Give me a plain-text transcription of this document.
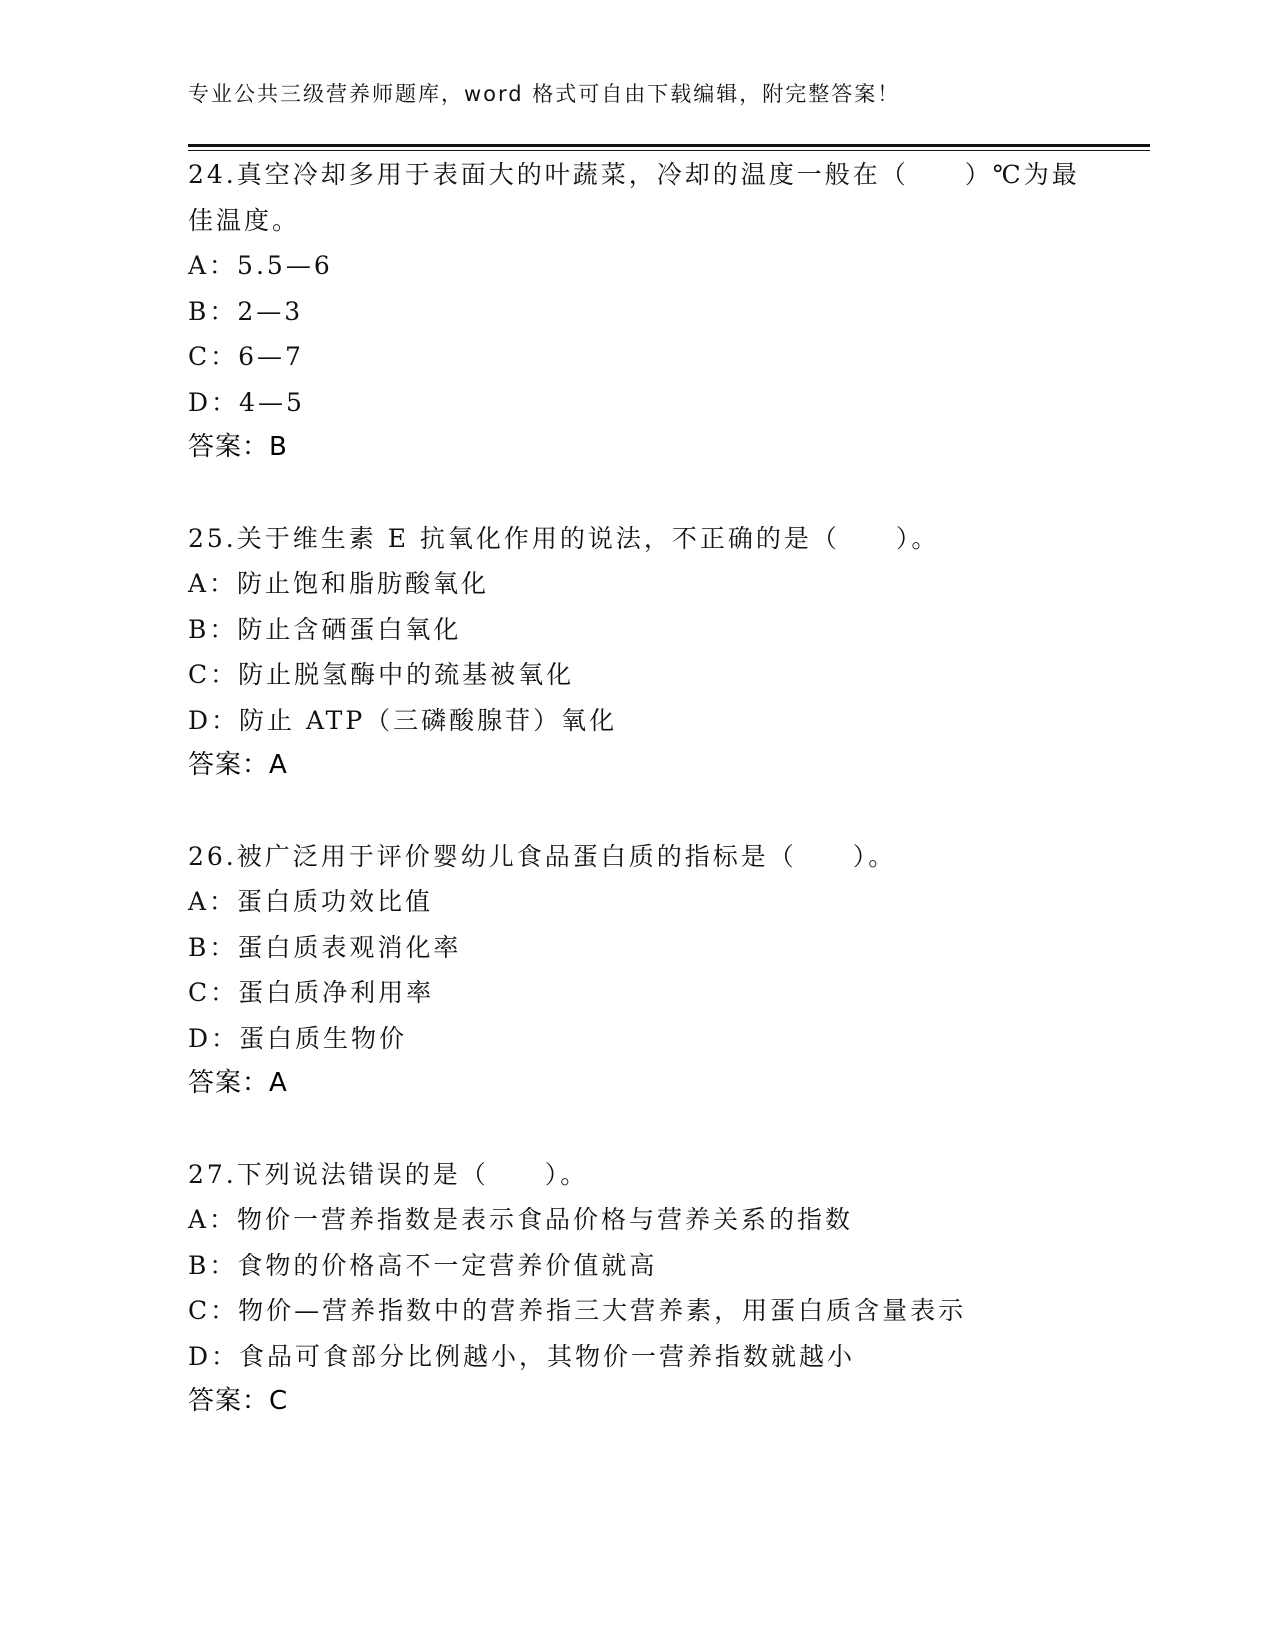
专业公共三级营养师题库，word 格式可自由下载编辑，附完整答案！
24.真空冷却多用于表面大的叶蔬菜，冷却的温度一般在（　　）℃为最佳温度。
A：5.5—6
B：2—3
C：6—7
D：4—5
答案：B
25.关于维生素 E 抗氧化作用的说法，不正确的是（　　）。
A：防止饱和脂肪酸氧化
B：防止含硒蛋白氧化
C：防止脱氢酶中的巯基被氧化
D：防止 ATP（三磷酸腺苷）氧化
答案：A
26.被广泛用于评价婴幼儿食品蛋白质的指标是（　　）。
A：蛋白质功效比值
B：蛋白质表观消化率
C：蛋白质净利用率
D：蛋白质生物价
答案：A
27.下列说法错误的是（　　）。
A：物价一营养指数是表示食品价格与营养关系的指数
B：食物的价格高不一定营养价值就高
C：物价—营养指数中的营养指三大营养素，用蛋白质含量表示
D：食品可食部分比例越小，其物价一营养指数就越小
答案：C
